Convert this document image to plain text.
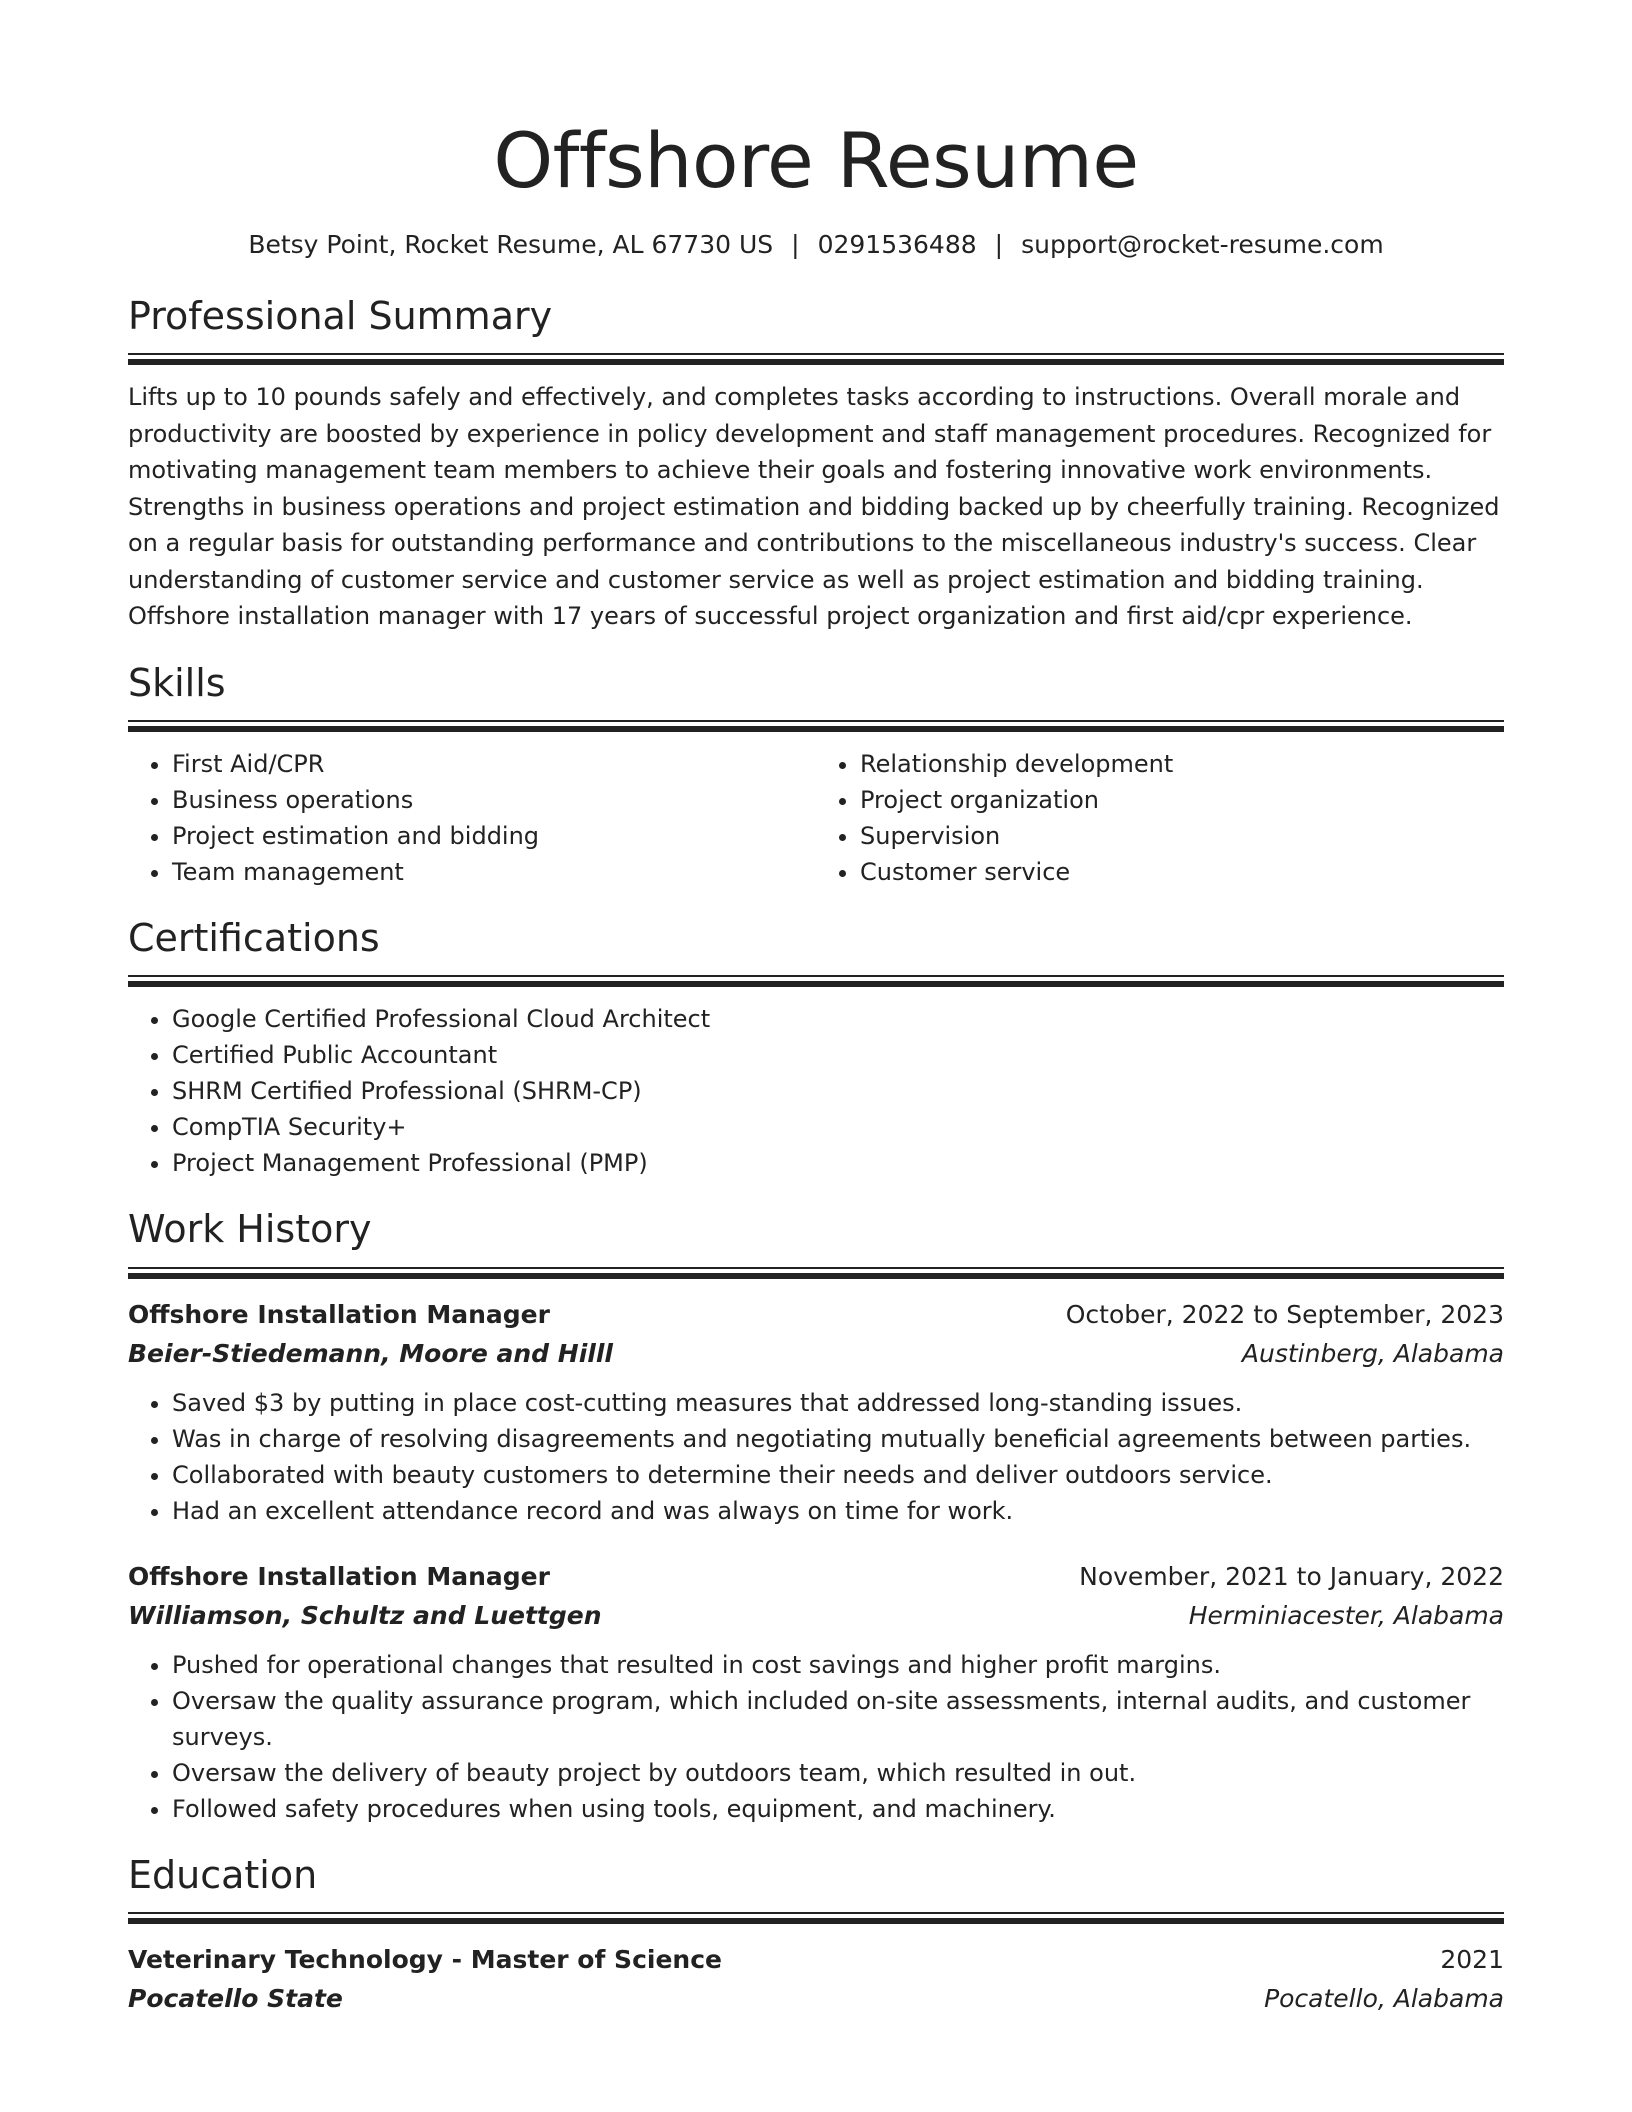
Offshore Resume
Betsy Point, Rocket Resume, AL 67730 US | 0291536488 | support@rocket-resume.com
Professional Summary
Lifts up to 10 pounds safely and effectively, and completes tasks according to instructions. Overall morale and productivity are boosted by experience in policy development and staff management procedures. Recognized for motivating management team members to achieve their goals and fostering innovative work environments. Strengths in business operations and project estimation and bidding backed up by cheerfully training. Recognized on a regular basis for outstanding performance and contributions to the miscellaneous industry's success. Clear understanding of customer service and customer service as well as project estimation and bidding training. Offshore installation manager with 17 years of successful project organization and first aid/cpr experience.
Skills
• First Aid/CPR
• Business operations
• Project estimation and bidding
• Team management
• Relationship development
• Project organization
• Supervision
• Customer service
Certifications
• Google Certified Professional Cloud Architect
• Certified Public Accountant
• SHRM Certified Professional (SHRM-CP)
• CompTIA Security+
• Project Management Professional (PMP)
Work History
Offshore Installation Manager	October, 2022 to September, 2023
Beier-Stiedemann, Moore and Hilll	Austinberg, Alabama
• Saved $3 by putting in place cost-cutting measures that addressed long-standing issues.
• Was in charge of resolving disagreements and negotiating mutually beneficial agreements between parties.
• Collaborated with beauty customers to determine their needs and deliver outdoors service.
• Had an excellent attendance record and was always on time for work.
Offshore Installation Manager	November, 2021 to January, 2022
Williamson, Schultz and Luettgen	Herminiacester, Alabama
• Pushed for operational changes that resulted in cost savings and higher profit margins.
• Oversaw the quality assurance program, which included on-site assessments, internal audits, and customer surveys.
• Oversaw the delivery of beauty project by outdoors team, which resulted in out.
• Followed safety procedures when using tools, equipment, and machinery.
Education
Veterinary Technology - Master of Science	2021
Pocatello State	Pocatello, Alabama
